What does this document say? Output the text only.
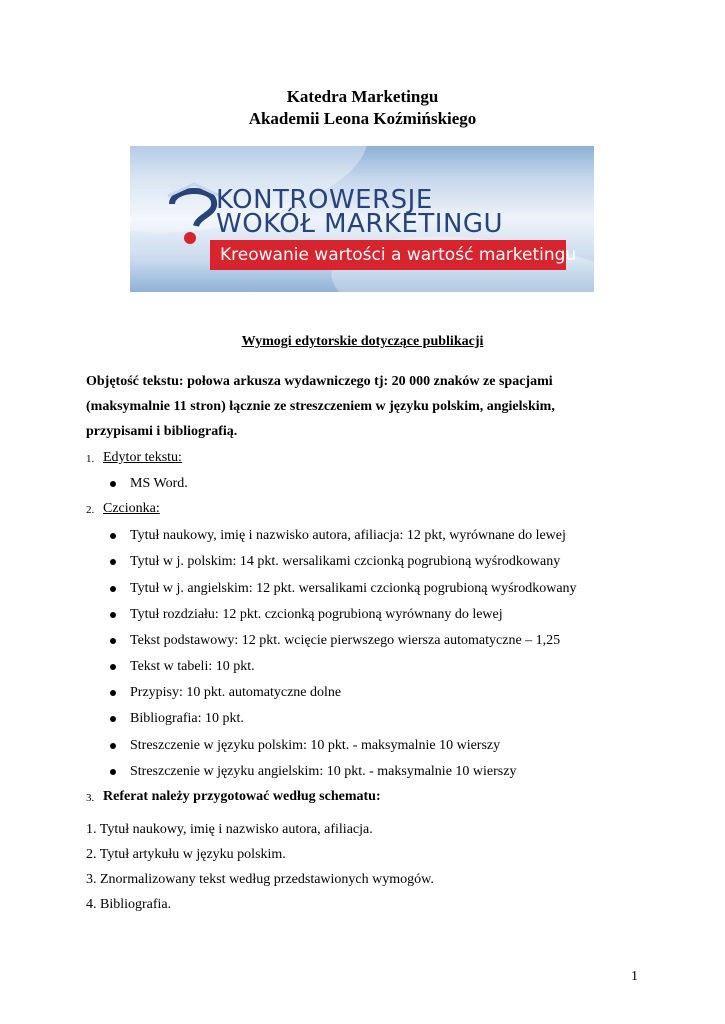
Katedra Marketingu
Akademii Leona Koźmińskiego
KONTROWERSJE
WOKÓŁ MARKETINGU
Kreowanie wartości a wartość marketingu
Wymogi edytorskie dotyczące publikacji
Objętość tekstu: połowa arkusza wydawniczego tj: 20 000 znaków ze spacjami
(maksymalnie 11 stron) łącznie ze streszczeniem w języku polskim, angielskim,
przypisami i bibliografią.
1. Edytor tekstu:
MS Word.
2. Czcionka:
Tytuł naukowy, imię i nazwisko autora, afiliacja: 12 pkt, wyrównane do lewej
Tytuł w j. polskim: 14 pkt. wersalikami czcionką pogrubioną wyśrodkowany
Tytuł w j. angielskim: 12 pkt. wersalikami czcionką pogrubioną wyśrodkowany
Tytuł rozdziału: 12 pkt. czcionką pogrubioną wyrównany do lewej
Tekst podstawowy: 12 pkt. wcięcie pierwszego wiersza automatyczne – 1,25
Tekst w tabeli: 10 pkt.
Przypisy: 10 pkt. automatyczne dolne
Bibliografia: 10 pkt.
Streszczenie w języku polskim: 10 pkt. - maksymalnie 10 wierszy
Streszczenie w języku angielskim: 10 pkt. - maksymalnie 10 wierszy
3. Referat należy przygotować według schematu:
1. Tytuł naukowy, imię i nazwisko autora, afiliacja.
2. Tytuł artykułu w języku polskim.
3. Znormalizowany tekst według przedstawionych wymogów.
4. Bibliografia.
1
